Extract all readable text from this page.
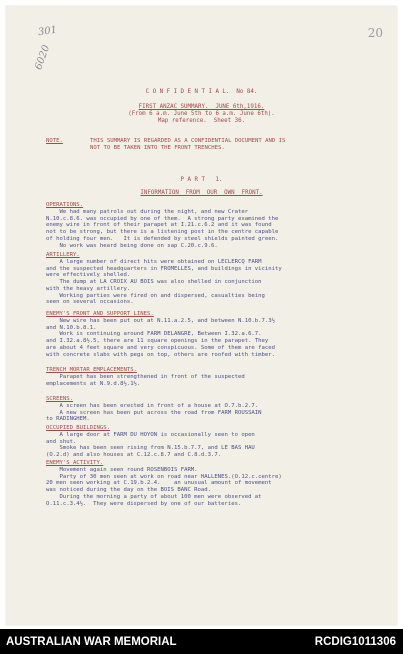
20
301
6020
C O N F I D E N T I A L.  No 84.
FIRST ANZAC SUMMARY.  JUNE 6th,1916.
(From 6 a.m. June 5th to 6 a.m. June 6th).
Map reference.  Sheet 36.
NOTE.	THIS SUMMARY IS REGARDED AS A CONFIDENTIAL DOCUMENT AND IS
NOT TO BE TAKEN INTO THE FRONT TRENCHES.
P A R T   1.
INFORMATION  FROM  OUR  OWN  FRONT.
OPERATIONS.
We had many patrols out during the night, and new Crater
N.10.c.8.6. was occupied by one of them.  A strong party examined the
enemy wire in front of their parapet at I.21.c.6.2 and it was found
not to be strong, but there is a listening post in the centre capable
of holding four men.   It is defended by steel shields painted green.
No work was heard being done on sap C.20.c.9.6.
ARTILLERY.
A large number of direct hits were obtained on LECLERCQ FARM
and the suspected headquarters in FROMELLES, and buildings in vicinity
were effectively shelled.
The dump at LA CROIX AU BOIS was also shelled in conjunction
with the heavy artillery.
Working parties were fired on and dispersed, casualties being
seen on several occasions.
ENEMY'S FRONT AND SUPPORT LINES.
New wire has been put out at N.11.a.2.5, and between N.10.b.7.3½
and N.10.b.8.1.
Work is continuing around FARM DELANGRE, Between I.32.a.6.7.
and I.32.a.8½.5, there are 11 square openings in the parapet. They
are about 4 feet square and very conspicuous. Some of them are faced
with concrete slabs with pegs on top, others are roofed with timber.
TRENCH MORTAR EMPLACEMENTS.
Parapet has been strengthened in front of the suspected
emplacements at N.9.d.8½.1½.
SCREENS.
A screen has been erected in front of a house at O.7.b.2.7.
A new screen has been put across the road from FARM ROUSSAIN
to RADINGHEM.
OCCUPIED BUILDINGS.
A large door at FARM DU HOYON is occasionally seen to open
and shut.
Smoke has been seen rising from N.15.b.7.7, and LE BAS HAU
(O.2.d) and also houses at C.12.c.8.7 and C.8.d.3.7.
ENEMY'S ACTIVITY.
Movement again seen round ROSENBOIS FARM.
Party of 30 men seen at work on road near HALLENES.(O.12.c.centre)
20 men seen working at C.19.b.2.4.    an unusual amount of movement
was noticed during the day on the BOIS BANC Road.
During the morning a party of about 100 men were observed at
O.11.c.3.4½.  They were dispersed by one of our batteries.
AUSTRALIAN WAR MEMORIAL	RCDIG1011306
